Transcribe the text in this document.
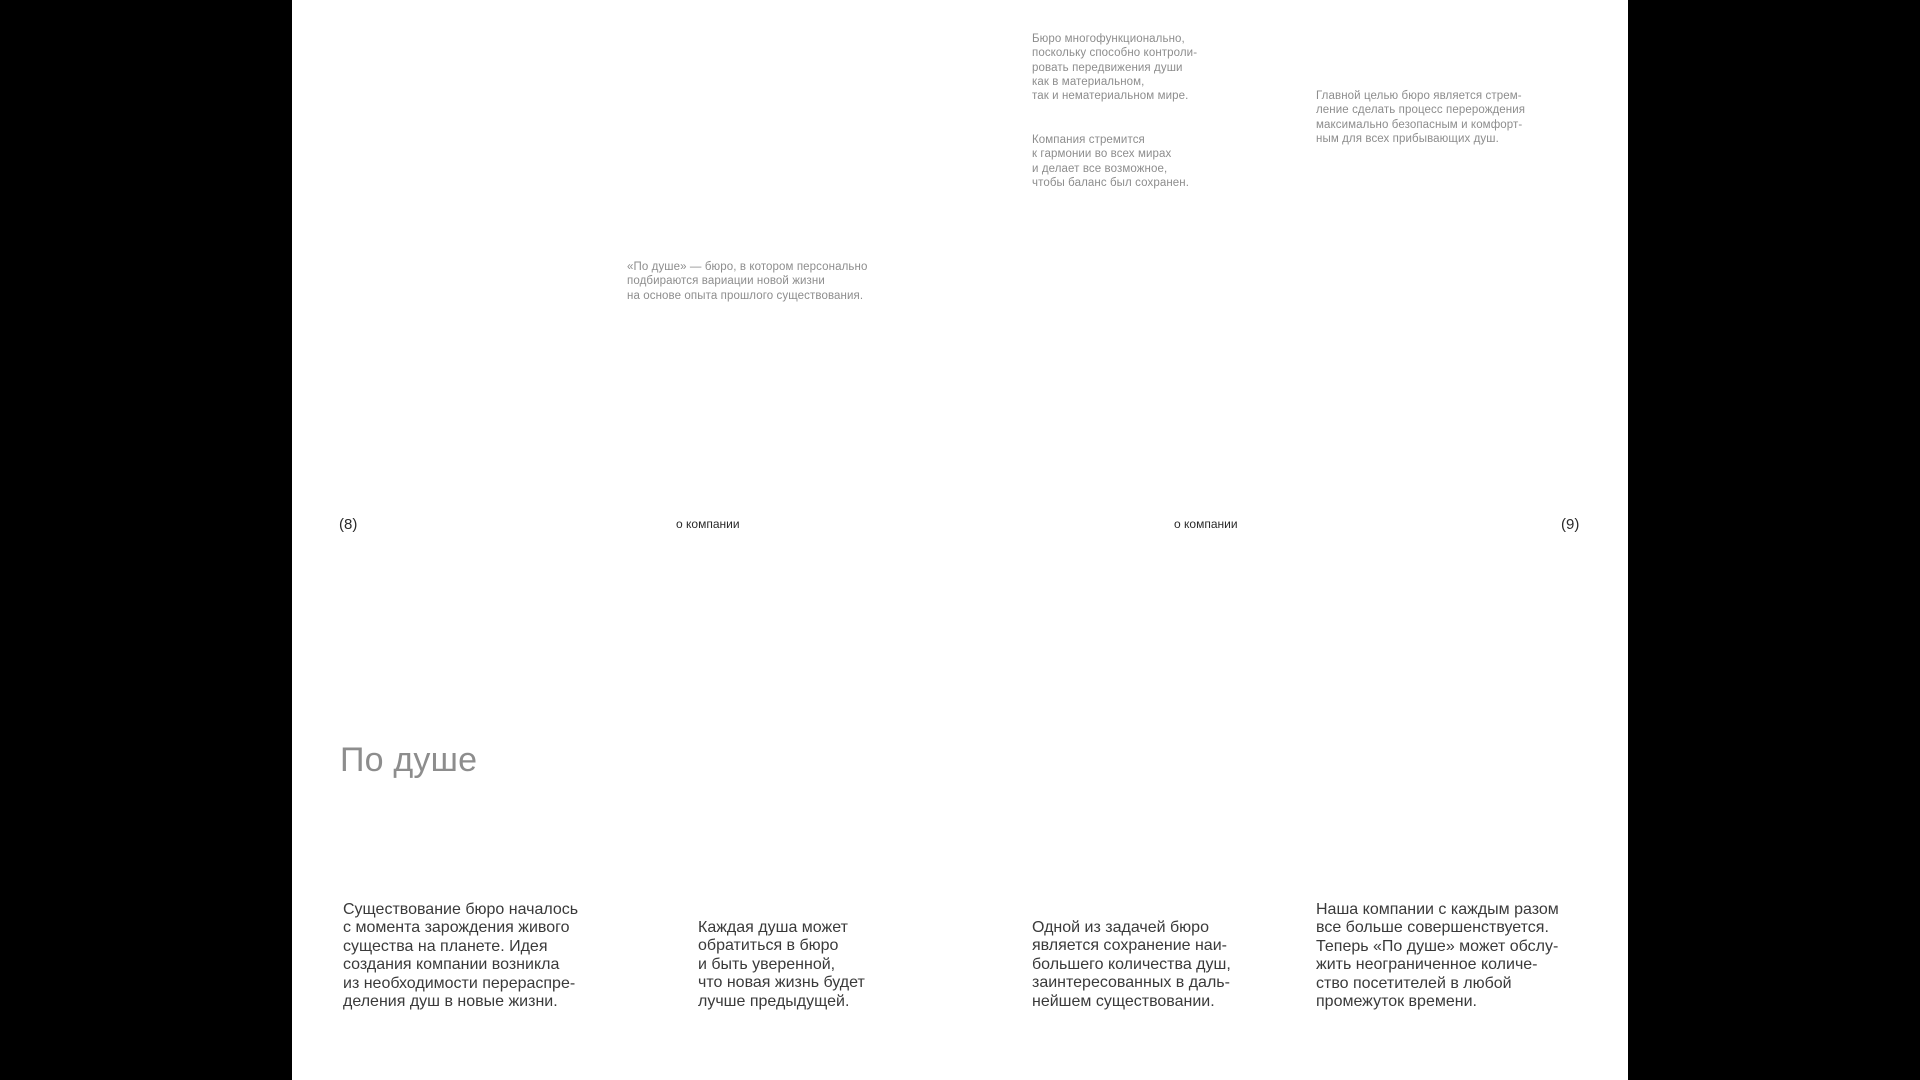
Бюро многофункционально,
поскольку способно контроли-
ровать передвижения души
как в материальном,
так и нематериальном мире.
Компания стремится
к гармонии во всех мирах
и делает все возможное,
чтобы баланс был сохранен.
Главной целью бюро является стрем-
ление сделать процесс перерождения
максимально безопасным и комфорт-
ным для всех прибывающих душ.
«По душе» — бюро, в котором персонально
подбираются вариации новой жизни
на основе опыта прошлого существования.
(8)	о компании	о компании	(9)
По душе
Существование бюро началось
с момента зарождения живого
существа на планете. Идея
создания компании возникла
из необходимости перераспре-
деления душ в новые жизни.
Каждая душа может
обратиться в бюро
и быть уверенной,
что новая жизнь будет
лучше предыдущей.
Одной из задачей бюро
является сохранение наи-
большего количества душ,
заинтересованных в даль-
нейшем существовании.
Наша компании с каждым разом
все больше совершенствуется.
Теперь «По душе» может обслу-
жить неограниченное количе-
ство посетителей в любой
промежуток времени.
